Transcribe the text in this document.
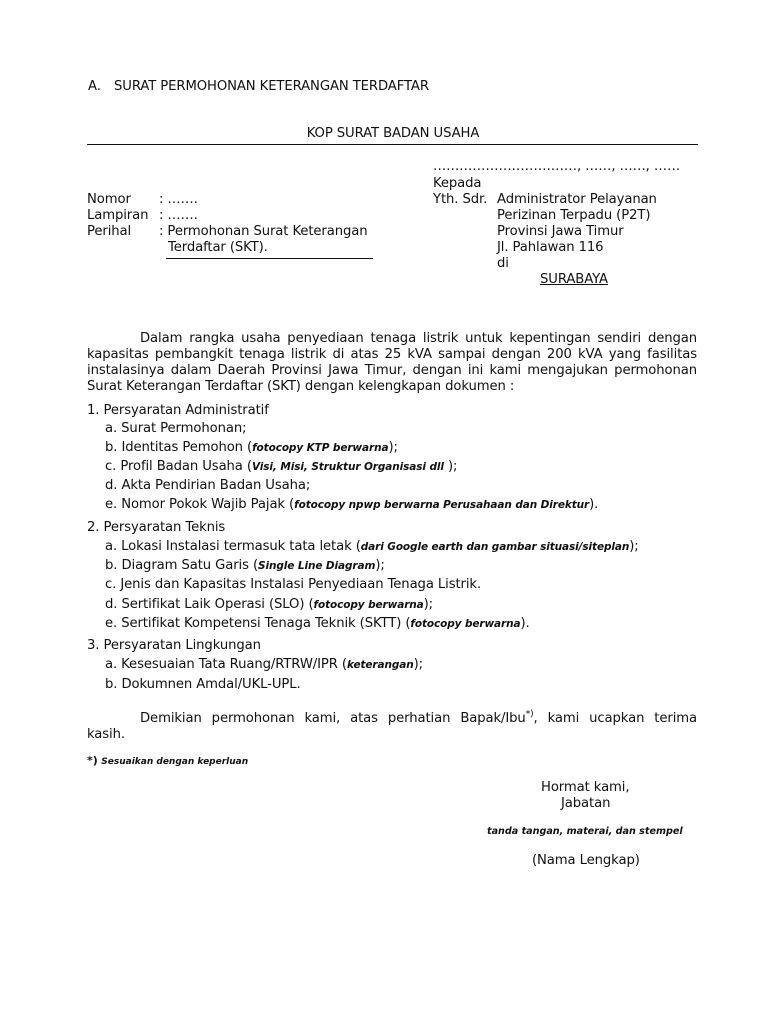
A. SURAT PERMOHONAN KETERANGAN TERDAFTAR
KOP SURAT BADAN USAHA
……………………………, ……, ……, ……
Kepada
Yth. Sdr. Administrator Pelayanan
Perizinan Terpadu (P2T)
Provinsi Jawa Timur
Jl. Pahlawan 116
di
SURABAYA
Nomor : …….
Lampiran : …….
Perihal : Permohonan Surat Keterangan
Terdaftar (SKT).
Dalam rangka usaha penyediaan tenaga listrik untuk kepentingan sendiri dengan
kapasitas pembangkit tenaga listrik di atas 25 kVA sampai dengan 200 kVA yang fasilitas
instalasinya dalam Daerah Provinsi Jawa Timur, dengan ini kami mengajukan permohonan
Surat Keterangan Terdaftar (SKT) dengan kelengkapan dokumen :
1. Persyaratan Administratif
a. Surat Permohonan;
b. Identitas Pemohon (fotocopy KTP berwarna);
c. Profil Badan Usaha (Visi, Misi, Struktur Organisasi dll );
d. Akta Pendirian Badan Usaha;
e. Nomor Pokok Wajib Pajak (fotocopy npwp berwarna Perusahaan dan Direktur).
2. Persyaratan Teknis
a. Lokasi Instalasi termasuk tata letak (dari Google earth dan gambar situasi/siteplan);
b. Diagram Satu Garis (Single Line Diagram);
c. Jenis dan Kapasitas Instalasi Penyediaan Tenaga Listrik.
d. Sertifikat Laik Operasi (SLO) (fotocopy berwarna);
e. Sertifikat Kompetensi Tenaga Teknik (SKTT) (fotocopy berwarna).
3. Persyaratan Lingkungan
a. Kesesuaian Tata Ruang/RTRW/IPR (keterangan);
b. Dokumnen Amdal/UKL-UPL.
Demikian permohonan kami, atas perhatian Bapak/Ibu*), kami ucapkan terima
kasih.
*) Sesuaikan dengan keperluan
Hormat kami,
Jabatan
tanda tangan, materai, dan stempel
(Nama Lengkap)
